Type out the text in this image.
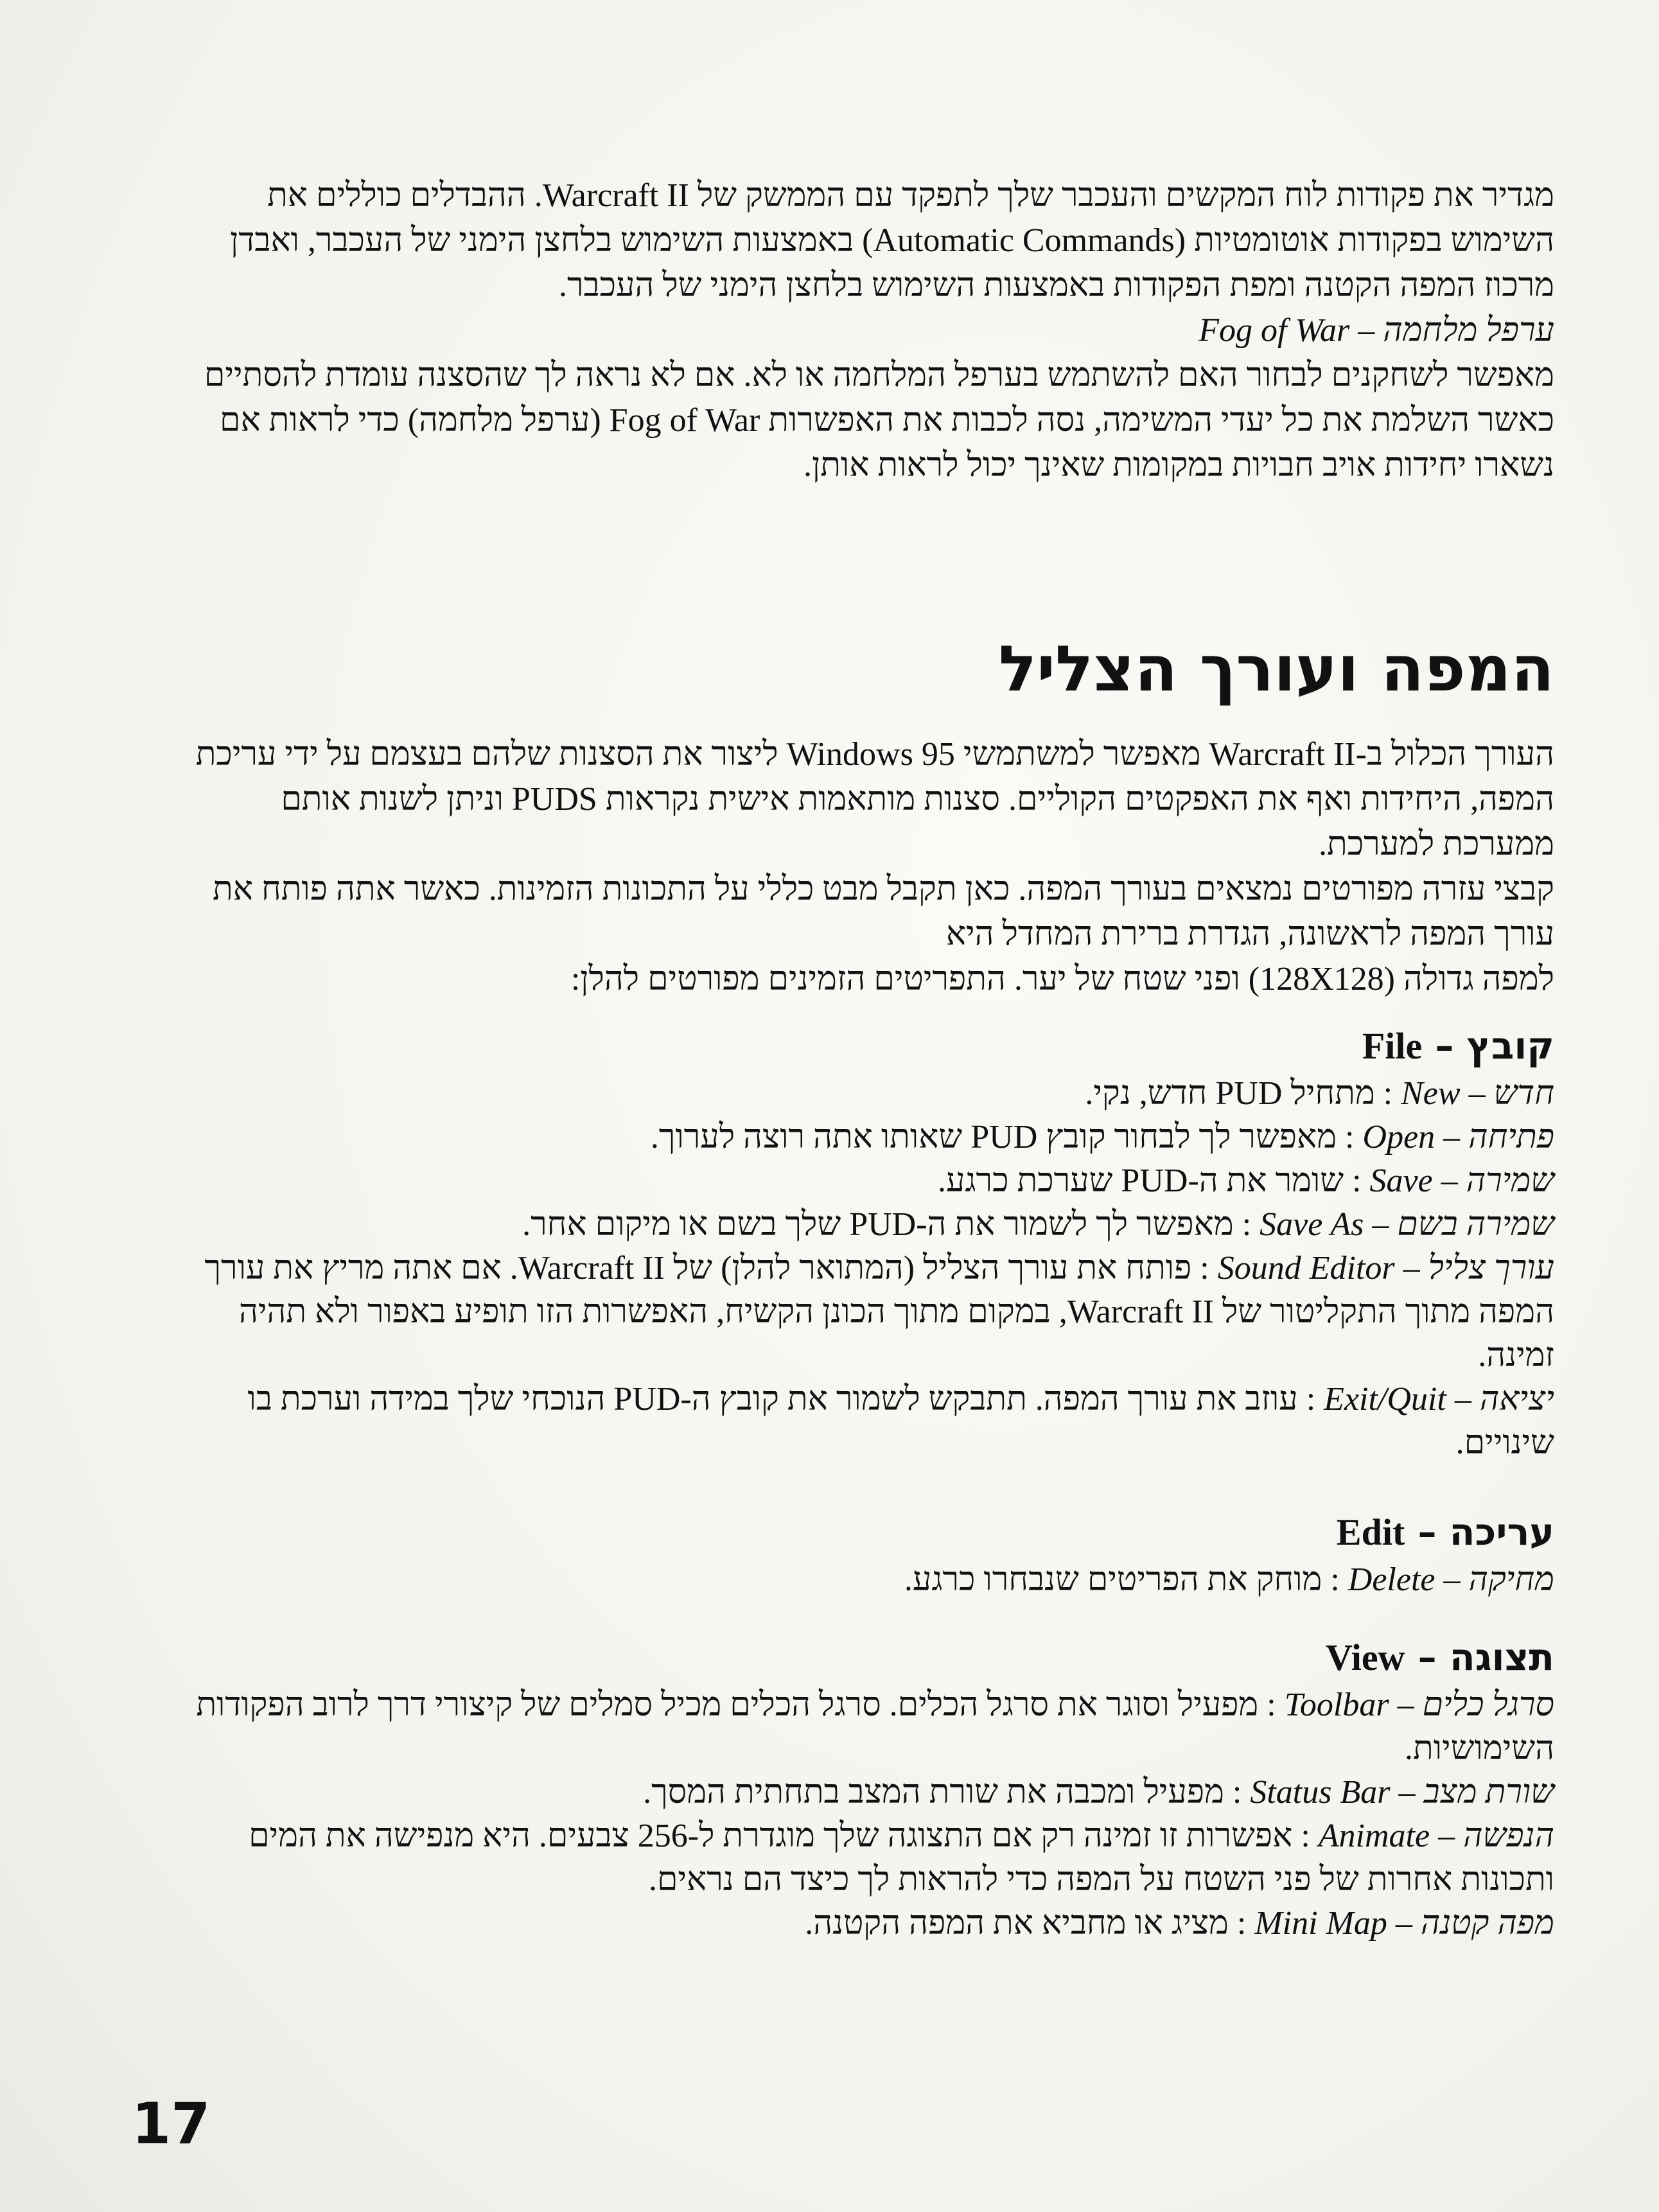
מגדיר את פקודות לוח המקשים והעכבר שלך לתפקד עם הממשק של Warcraft II. ההבדלים כוללים את השימוש בפקודות אוטומטיות (Automatic Commands) באמצעות השימוש בלחצן הימני של העכבר, ואבדן מרכוז המפה הקטנה ומפת הפקודות באמצעות השימוש בלחצן הימני של העכבר.

ערפל מלחמה – Fog of War

מאפשר לשחקנים לבחור האם להשתמש בערפל המלחמה או לא. אם לא נראה לך שהסצנה עומדת להסתיים כאשר השלמת את כל יעדי המשימה, נסה לכבות את האפשרות Fog of War (ערפל מלחמה) כדי לראות אם נשארו יחידות אויב חבויות במקומות שאינך יכול לראות אותן.

המפה ועורך הצליל

העורך הכלול ב-Warcraft II מאפשר למשתמשי Windows 95 ליצור את הסצנות שלהם בעצמם על ידי עריכת המפה, היחידות ואף את האפקטים הקוליים. סצנות מותאמות אישית נקראות PUDS וניתן לשנות אותם ממערכת למערכת.

קבצי עזרה מפורטים נמצאים בעורך המפה. כאן תקבל מבט כללי על התכונות הזמינות. כאשר אתה פותח את עורך המפה לראשונה, הגדרת ברירת המחדל היא

למפה גדולה (128X128) ופני שטח של יער. התפריטים הזמינים מפורטים להלן:

קובץ – File

חדש – New : מתחיל PUD חדש, נקי.

פתיחה – Open : מאפשר לך לבחור קובץ PUD שאותו אתה רוצה לערוך.

שמירה – Save : שומר את ה-PUD שערכת כרגע.

שמירה בשם – Save As : מאפשר לך לשמור את ה-PUD שלך בשם או מיקום אחר.

עורך צליל – Sound Editor : פותח את עורך הצליל (המתואר להלן) של Warcraft II. אם אתה מריץ את עורך המפה מתוך התקליטור של Warcraft II, במקום מתוך הכונן הקשיח, האפשרות הזו תופיע באפור ולא תהיה זמינה.

יציאה – Exit/Quit : עוזב את עורך המפה. תתבקש לשמור את קובץ ה-PUD הנוכחי שלך במידה וערכת בו שינויים.

עריכה – Edit

מחיקה – Delete : מוחק את הפריטים שנבחרו כרגע.

תצוגה – View

סרגל כלים – Toolbar : מפעיל וסוגר את סרגל הכלים. סרגל הכלים מכיל סמלים של קיצורי דרך לרוב הפקודות השימושיות.

שורת מצב – Status Bar : מפעיל ומכבה את שורת המצב בתחתית המסך.

הנפשה – Animate : אפשרות זו זמינה רק אם התצוגה שלך מוגדרת ל-256 צבעים. היא מנפישה את המים ותכונות אחרות של פני השטח על המפה כדי להראות לך כיצד הם נראים.

מפה קטנה – Mini Map : מציג או מחביא את המפה הקטנה.

17
